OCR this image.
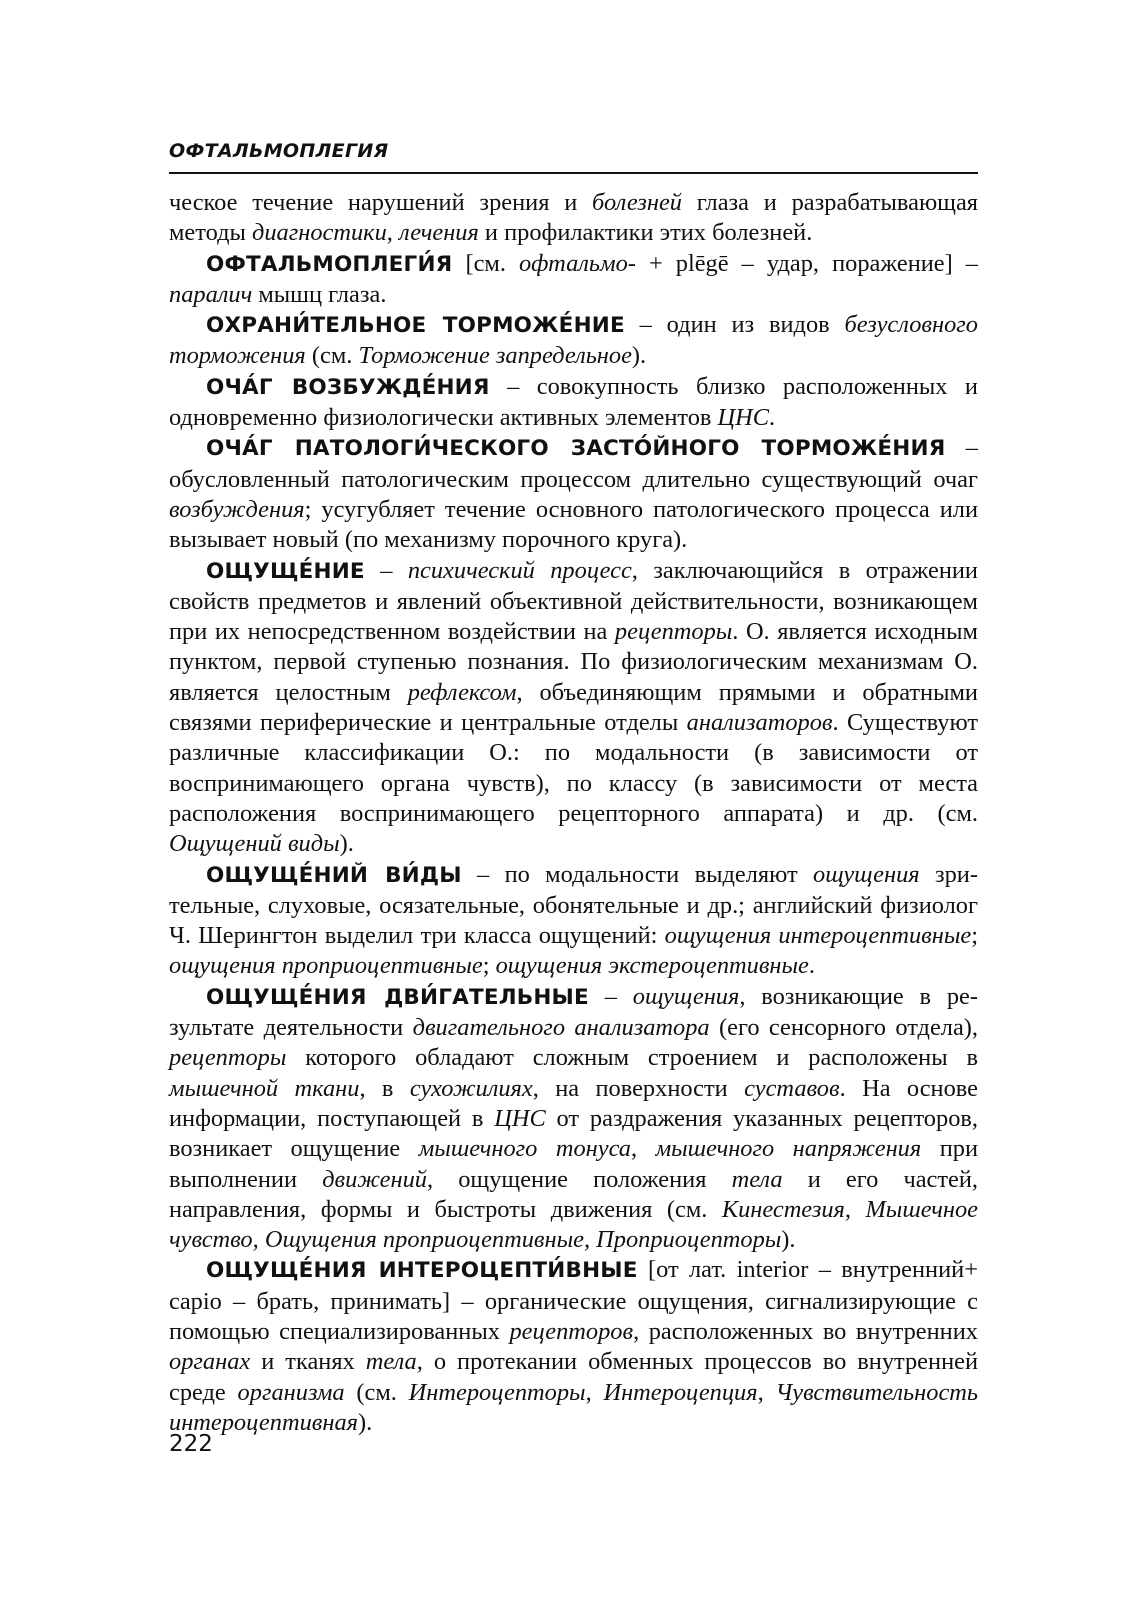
ОФТАЛЬМОПЛЕГИЯ

ческое течение нарушений зрения и болезней глаза и разрабатывающая методы диагностики, лечения и профилактики этих болезней.

ОФТАЛЬМОПЛЕГИ́Я [см. офтальмо- + plēgē – удар, поражение] – паралич мышц глаза.

ОХРАНИ́ТЕЛЬНОЕ ТОРМОЖЕ́НИЕ – один из видов безусловного торможения (см. Торможение запредельное).

ОЧА́Г ВОЗБУЖДЕ́НИЯ – совокупность близко расположенных и одновременно физиологически активных элементов ЦНС.

ОЧА́Г ПАТОЛОГИ́ЧЕСКОГО ЗАСТО́ЙНОГО ТОРМОЖЕ́НИЯ – обусловленный патологическим процессом длительно существующий очаг возбуждения; усугубляет течение основного патологического процесса или вызывает новый (по механизму порочного круга).

ОЩУЩЕ́НИЕ – психический процесс, заключающийся в отражении свойств предметов и явлений объективной действительности, возникающем при их непосредственном воздействии на рецепторы. О. является исходным пунктом, первой ступенью познания. По физиологическим механизмам О. является целостным рефлексом, объединяющим прямыми и обратными связями периферические и центральные отделы анализаторов. Существуют различные классификации О.: по модальности (в зависимости от воспринимающего органа чувств), по классу (в зависимости от места расположения воспринимающего рецепторного аппарата) и др. (см. Ощущений виды).

ОЩУЩЕ́НИЙ ВИ́ДЫ – по модальности выделяют ощущения зрительные, слуховые, осязательные, обонятельные и др.; английский физиолог Ч. Шерингтон выделил три класса ощущений: ощущения интероцептивные; ощущения проприоцептивные; ощущения экстероцептивные.

ОЩУЩЕ́НИЯ ДВИ́ГАТЕЛЬНЫЕ – ощущения, возникающие в результате деятельности двигательного анализатора (его сенсорного отдела), рецепторы которого обладают сложным строением и расположены в мышечной ткани, в сухожилиях, на поверхности суставов. На основе информации, поступающей в ЦНС от раздражения указанных рецепторов, возникает ощущение мышечного тонуса, мышечного напряжения при выполнении движений, ощущение положения тела и его частей, направления, формы и быстроты движения (см. Кинестезия, Мышечное чувство, Ощущения проприоцептивные, Проприоцепторы).

ОЩУЩЕ́НИЯ ИНТЕРОЦЕПТИ́ВНЫЕ [от лат. interior – внутренний+ capio – брать, принимать] – органические ощущения, сигнализирующие с помощью специализированных рецепторов, расположенных во внутренних органах и тканях тела, о протекании обменных процессов во внутренней среде организма (см. Интероцепторы, Интероцепция, Чувствительность интероцептивная).

222
